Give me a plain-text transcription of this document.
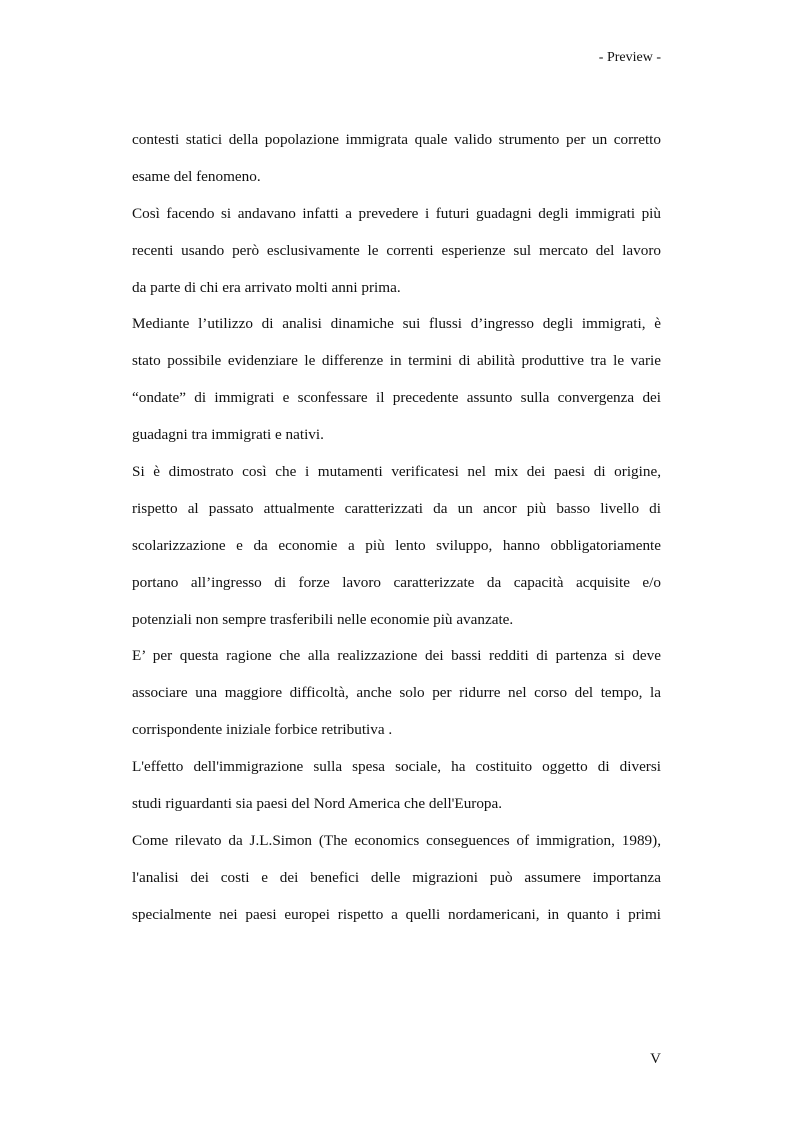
- Preview -
contesti statici della popolazione immigrata quale valido strumento per un corretto
esame del fenomeno.
Così facendo si andavano infatti a prevedere i futuri guadagni degli immigrati più
recenti usando però esclusivamente le correnti esperienze sul mercato del lavoro
da parte di chi era arrivato molti anni prima.
Mediante l’utilizzo di analisi dinamiche sui flussi d’ingresso degli immigrati, è
stato possibile evidenziare le differenze in termini di abilità produttive tra le varie
“ondate” di immigrati e sconfessare il precedente assunto sulla convergenza dei
guadagni tra immigrati e nativi.
Si è dimostrato così che i mutamenti verificatesi nel mix dei paesi di origine,
rispetto al passato attualmente caratterizzati da un ancor più basso livello di
scolarizzazione e da economie a più lento sviluppo, hanno obbligatoriamente
portano all’ingresso di forze lavoro caratterizzate da capacità acquisite e/o
potenziali non sempre trasferibili nelle economie più avanzate.
E’ per questa ragione che alla realizzazione dei bassi redditi di partenza si deve
associare una maggiore difficoltà, anche solo per ridurre nel corso del tempo, la
corrispondente iniziale forbice retributiva .
L'effetto dell'immigrazione sulla spesa sociale, ha costituito oggetto di diversi
studi riguardanti sia paesi del Nord America che dell'Europa.
Come rilevato da J.L.Simon (The economics conseguences of immigration, 1989),
l'analisi dei costi e dei benefici delle migrazioni può assumere importanza
specialmente nei paesi europei rispetto a quelli nordamericani, in quanto i primi
V
